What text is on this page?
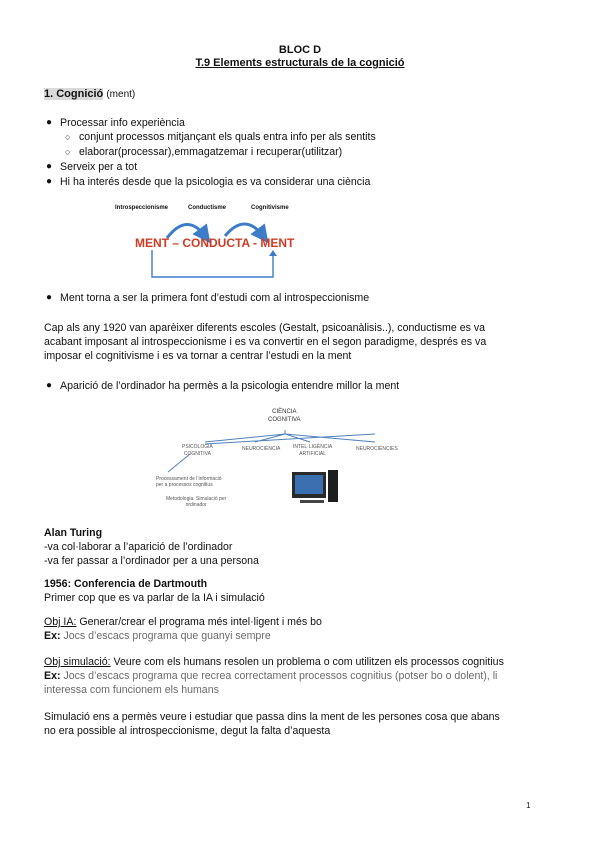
BLOC D
T.9 Elements estructurals de la cognició
1. Cognició (ment)
● Processar info experiència
○ conjunt processos mitjançant els quals entra info per als sentits
○ elaborar(processar),emmagatzemar i recuperar(utilitzar)
● Serveix per a tot
● Hi ha interés desde que la psicologia es va considerar una ciència
Introspeccionisme	Conductisme	Cognitivisme
MENT – CONDUCTA - MENT
● Ment torna a ser la primera font d’estudi com al introspeccionisme
Cap als any 1920 van aparèixer diferents escoles (Gestalt, psicoanàlisis..), conductisme es va
acabant imposant al introspeccionisme i es va convertir en el segon paradigme, després es va
imposar el cognitivisme i es va tornar a centrar l’estudi en la ment
● Aparició de l’ordinador ha permès a la psicologia entendre millor la ment
CIÈNCIA
COGNITIVA
PSICOLOGIA
COGNITIVA
NEUROCIÈNCIA	INTEL·LIGÈNCIA
ARTIFICIAL
NEUROCIÈNCIES
Processament de l’informació
per a processos cognitius
Metodologia: Simulació per
ordinador
Alan Turing
-va col·laborar a l’aparició de l’ordinador
-va fer passar a l’ordinador per a una persona
1956: Conferencia de Dartmouth
Primer cop que es va parlar de la IA i simulació
Obj IA: Generar/crear el programa més intel·ligent i més bo
Ex: Jocs d’escacs programa que guanyi sempre
Obj simulació: Veure com els humans resolen un problema o com utilitzen els processos cognitius
Ex: Jocs d’escacs programa que recrea correctament processos cognitius (potser bo o dolent), li
interessa com funcionem els humans
Simulació ens a permès veure i estudiar que passa dins la ment de les persones cosa que abans
no era possible al introspeccionisme, degut la falta d’aquesta
1
